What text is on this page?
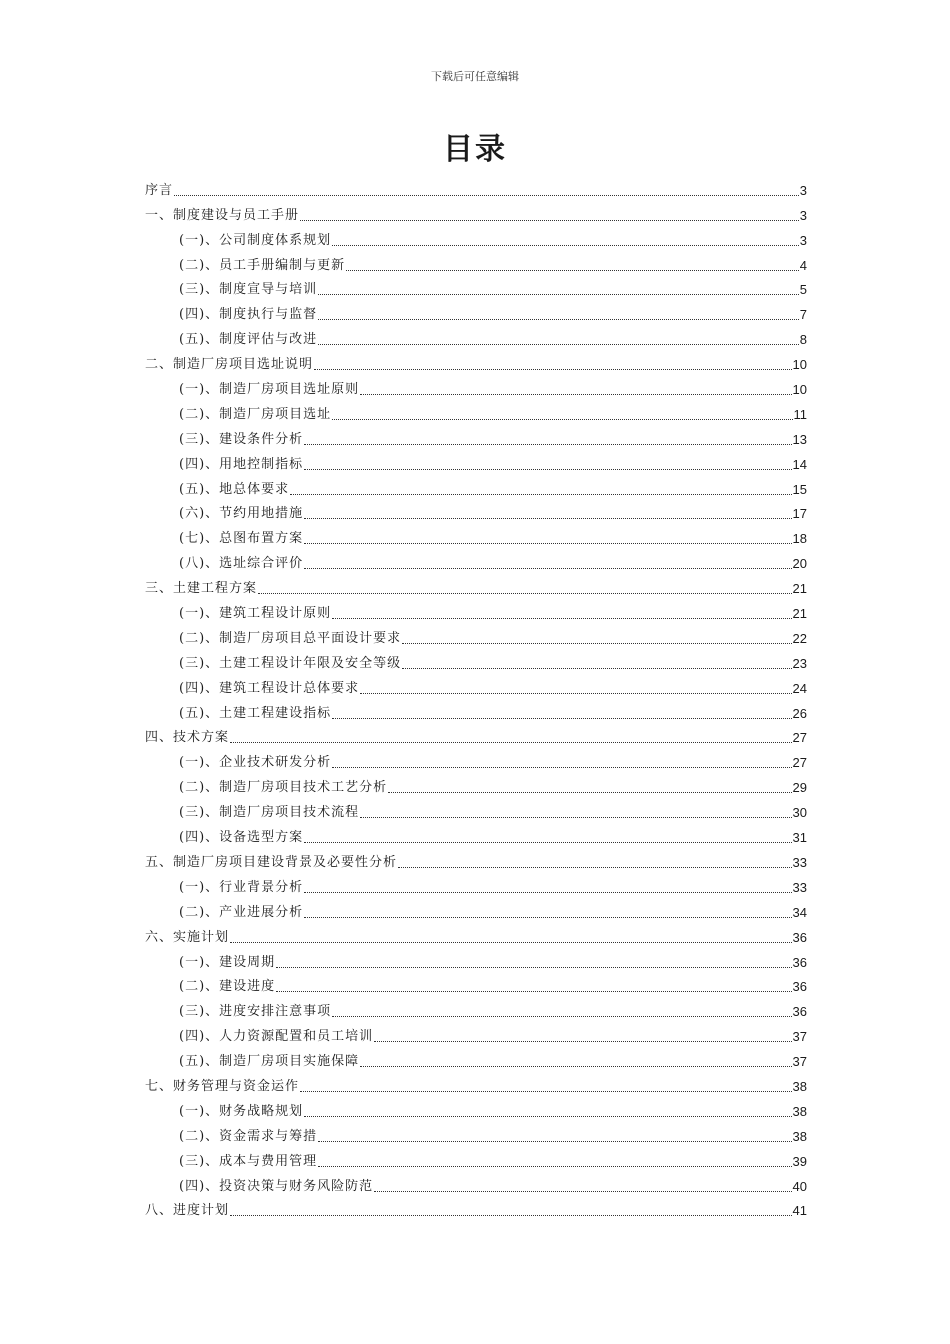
下载后可任意编辑
目录
序言	3
一、制度建设与员工手册	3
(一)、公司制度体系规划	3
(二)、员工手册编制与更新	4
(三)、制度宣导与培训	5
(四)、制度执行与监督	7
(五)、制度评估与改进	8
二、制造厂房项目选址说明	10
(一)、制造厂房项目选址原则	10
(二)、制造厂房项目选址	11
(三)、建设条件分析	13
(四)、用地控制指标	14
(五)、地总体要求	15
(六)、节约用地措施	17
(七)、总图布置方案	18
(八)、选址综合评价	20
三、土建工程方案	21
(一)、建筑工程设计原则	21
(二)、制造厂房项目总平面设计要求	22
(三)、土建工程设计年限及安全等级	23
(四)、建筑工程设计总体要求	24
(五)、土建工程建设指标	26
四、技术方案	27
(一)、企业技术研发分析	27
(二)、制造厂房项目技术工艺分析	29
(三)、制造厂房项目技术流程	30
(四)、设备选型方案	31
五、制造厂房项目建设背景及必要性分析	33
(一)、行业背景分析	33
(二)、产业进展分析	34
六、实施计划	36
(一)、建设周期	36
(二)、建设进度	36
(三)、进度安排注意事项	36
(四)、人力资源配置和员工培训	37
(五)、制造厂房项目实施保障	37
七、财务管理与资金运作	38
(一)、财务战略规划	38
(二)、资金需求与筹措	38
(三)、成本与费用管理	39
(四)、投资决策与财务风险防范	40
八、进度计划	41
